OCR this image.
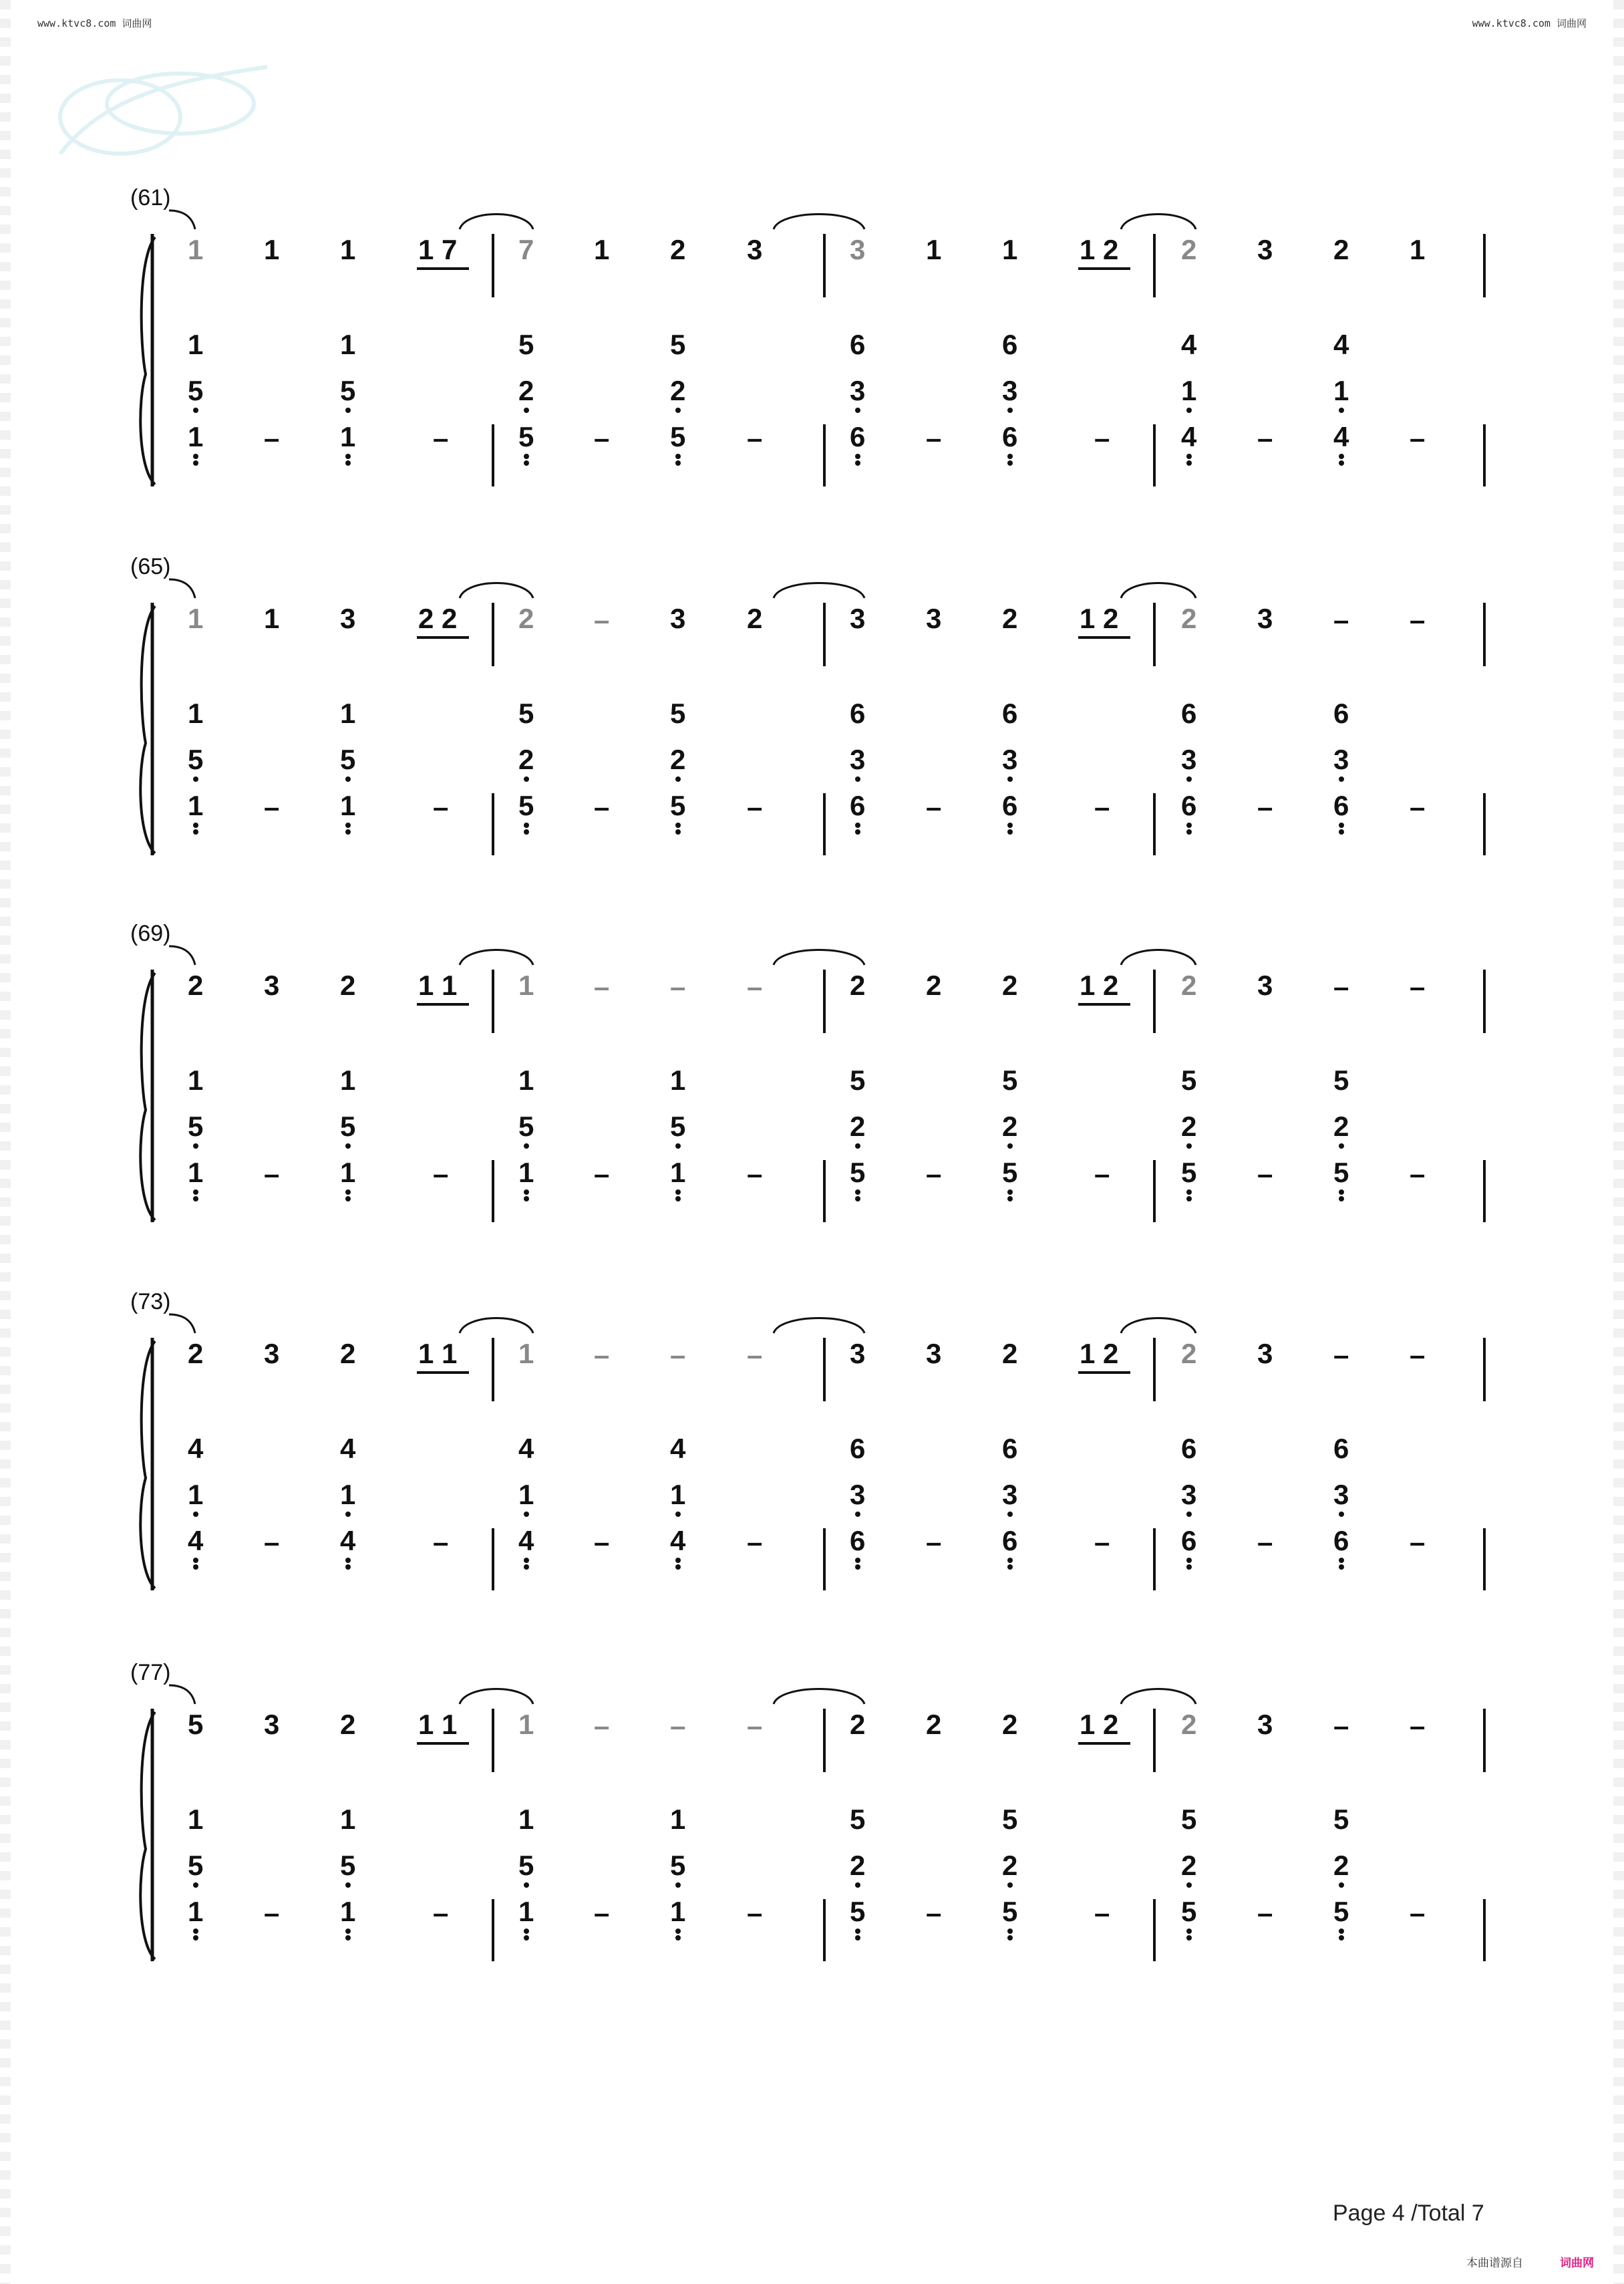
www.ktvc8.com 词曲网	www.ktvc8.com 词曲网
(61)
1 1 1 1 7 7 1 2 3	3 1 1 1 2 2 3 2 1
1
5
1 –
1
5
1	–
5
2
5 –
5
2
5 –
6
3
6 –
6
3
6	–
4
1
4 –
4
1
4 –
(65)
1 1 3 2 2 2 – 3 2	3 3 2 1 2 2 3 – –
1
5
1 –
1
5
1	–
5
2
5 –
5
2
5 –
6
3
6 –
6
3
6	–
6
3
6 –
6
3
6 –
(69)
2 3 2 1 1 1 – – –	2 2 2 1 2 2 3 – –
1
5
1 –
1
5
1	–
1
5
1 –
1
5
1 –
5
2
5 –
5
2
5	–
5
2
5 –
5
2
5 –
(73)
2 3 2 1 1 1 – – –	3 3 2 1 2 2 3 – –
4
1
4 –
4
1
4	–
4
1
4 –
4
1
4 –
6
3
6 –
6
3
6	–
6
3
6 –
6
3
6 –
(77)
5 3 2 1 1 1 – – –	2 2 2 1 2 2 3 – –
1
5
1 –
1
5
1	–
1
5
1 –
1
5
1 –
5
2
5 –
5
2
5	–
5
2
5 –
5
2
5 –
Page 4 /Total 7
本曲谱源自	词曲网
